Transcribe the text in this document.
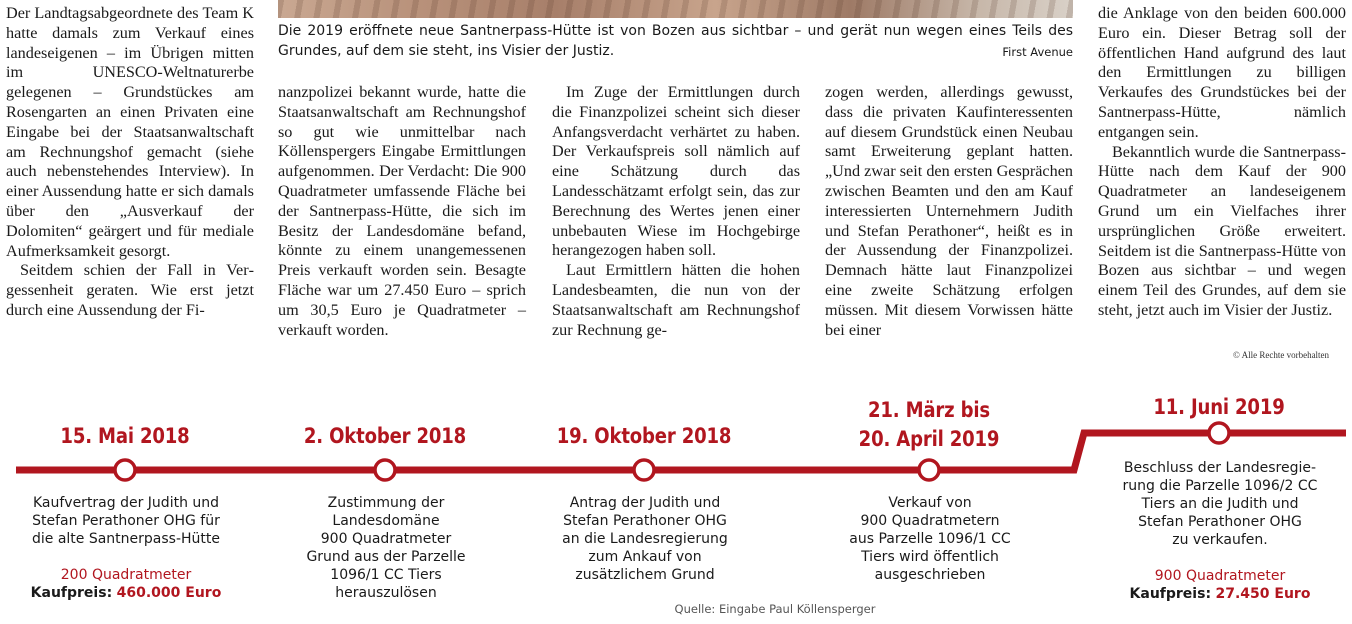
Der Landtagsabgeordnete des Team K hatte damals zum Verkauf eines landeseigenen – im Übrigen mitten im UNESCO-Weltnaturerbe gelegenen – Grundstückes am Rosengarten an einen Privaten eine Eingabe bei der Staatsanwaltschaft am Rechnungshof gemacht (siehe auch nebenstehendes Interview). In einer Aussendung hatte er sich damals über den „Ausverkauf der Dolomiten“ geärgert und für mediale Aufmerksamkeit gesorgt.

Seitdem schien der Fall in Vergessenheit geraten. Wie erst jetzt durch eine Aussendung der Fi-

Die 2019 eröffnete neue Santnerpass-Hütte ist von Bozen aus sichtbar – und gerät nun wegen eines Teils des Grundes, auf dem sie steht, ins Visier der Justiz.	First Avenue

nanzpolizei bekannt wurde, hatte die Staatsanwaltschaft am Rechnungshof so gut wie unmittelbar nach Köllenspergers Eingabe Ermittlungen aufgenommen. Der Verdacht: Die 900 Quadratmeter umfassende Fläche bei der Santnerpass-Hütte, die sich im Besitz der Landesdomäne befand, könnte zu einem unangemessenen Preis verkauft worden sein. Besagte Fläche war um 27.450 Euro – sprich um 30,5 Euro je Quadratmeter – verkauft worden.

Im Zuge der Ermittlungen durch die Finanzpolizei scheint sich dieser Anfangsverdacht verhärtet zu haben. Der Verkaufspreis soll nämlich auf eine Schätzung durch das Landesschätzamt erfolgt sein, das zur Berechnung des Wertes jenen einer unbebauten Wiese im Hochgebirge herangezogen haben soll.

Laut Ermittlern hätten die hohen Landesbeamten, die nun von der Staatsanwaltschaft am Rechnungshof zur Rechnung ge-

zogen werden, allerdings gewusst, dass die privaten Kaufinteressenten auf diesem Grundstück einen Neubau samt Erweiterung geplant hatten. „Und zwar seit den ersten Gesprächen zwischen Beamten und den am Kauf interessierten Unternehmern Judith und Stefan Perathoner“, heißt es in der Aussendung der Finanzpolizei. Demnach hätte laut Finanzpolizei eine zweite Schätzung erfolgen müssen. Mit diesem Vorwissen hätte bei einer

die Anklage von den beiden 600.000 Euro ein. Dieser Betrag soll der öffentlichen Hand aufgrund des laut den Ermittlungen zu billigen Verkaufes des Grundstückes bei der Santnerpass-Hütte, nämlich entgangen sein.

Bekanntlich wurde die Santnerpass-Hütte nach dem Kauf der 900 Quadratmeter an landeseigenem Grund um ein Vielfaches ihrer ursprünglichen Größe erweitert. Seitdem ist die Santnerpass-Hütte von Bozen aus sichtbar – und wegen einem Teil des Grundes, auf dem sie steht, jetzt auch im Visier der Justiz.

© Alle Rechte vorbehalten
15. Mai 2018	2. Oktober 2018	19. Oktober 2018
21. März bis
20. April 2019
11. Juni 2019
Kaufvertrag der Judith und
Stefan Perathoner OHG für
die alte Santnerpass-Hütte
200 Quadratmeter
Kaufpreis: 460.000 Euro
Zustimmung der
Landesdomäne
900 Quadratmeter
Grund aus der Parzelle
1096/1 CC Tiers
herauszulösen
Antrag der Judith und
Stefan Perathoner OHG
an die Landesregierung
zum Ankauf von
zusätzlichem Grund
Verkauf von
900 Quadratmetern
aus Parzelle 1096/1 CC
Tiers wird öffentlich
ausgeschrieben
Beschluss der Landesregie-
rung die Parzelle 1096/2 CC
Tiers an die Judith und
Stefan Perathoner OHG
zu verkaufen.
900 Quadratmeter
Kaufpreis: 27.450 Euro
Quelle: Eingabe Paul Köllensperger
